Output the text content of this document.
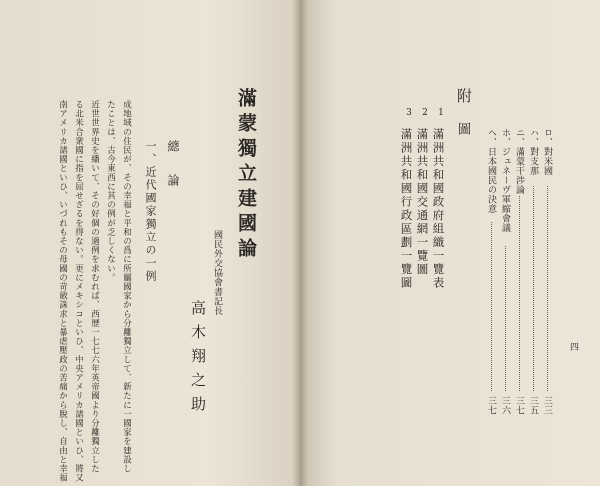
滿蒙獨立建國論
國民外交協會書記長
高木翔之助
總論
一、近代國家獨立の一例
成地域の住民が、その幸福と平和の爲に所屬國家から分離獨立して、新たに一國家を建設し
たことは、古今東西に其の例が乏しくない。
近世世界史を繙いて、その好個の適例を求むれば、西歷一七七六年英帝國より分離獨立した
る北米合衆國に指を屈せざるを得ない。更にメキシコといひ、中央アメリカ諸國といひ、將又
南アメリカ諸國といひ、いづれもその母國の苛斂誅求と暴虐壓政の苦痛から脫し、自由と幸福
附
圖
1
滿洲共和國政府組織一覽表
2
滿洲共和國交通網一覽圖
3
滿洲共和國行政區劃一覽圖	ロ、對米國
三三
ハ、對支那
三五
ニ、滿蒙干渉論
三七
ホ、ジュネーヴ軍縮會議
三六
ヘ、日本國民の決意
三七
四
